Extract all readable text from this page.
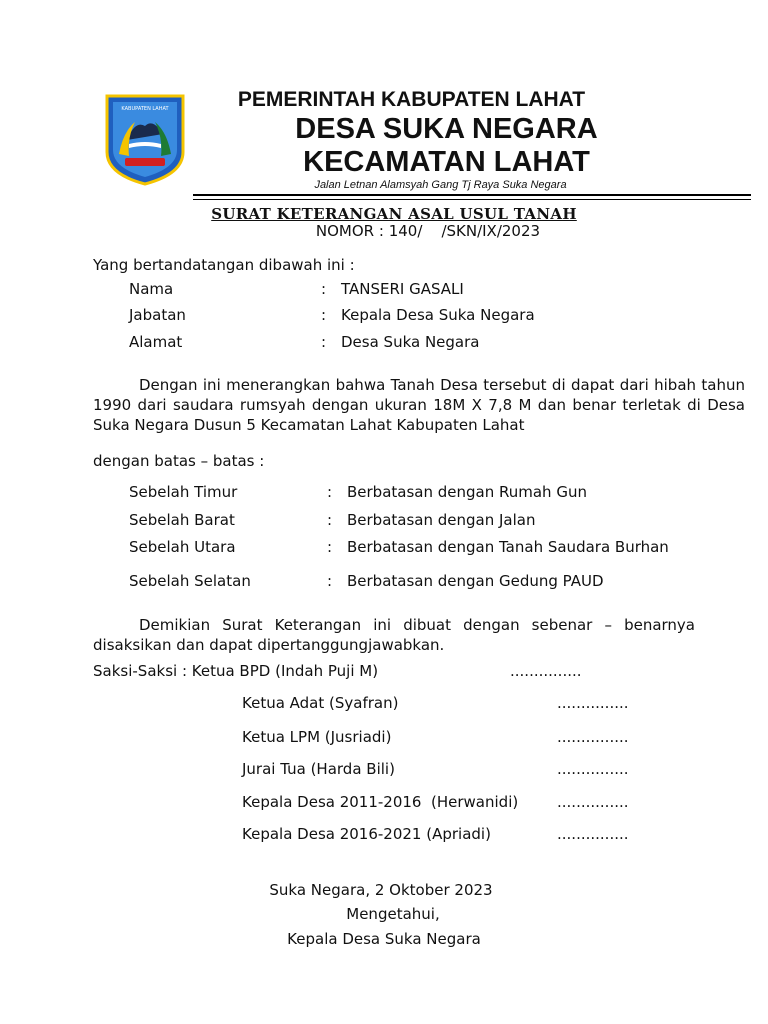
KABUPATEN LAHAT	PEMERINTAH KABUPATEN LAHAT
DESA SUKA NEGARA
KECAMATAN LAHAT
Jalan Letnan Alamsyah Gang Tj Raya Suka Negara
SURAT KETERANGAN ASAL USUL TANAH
NOMOR : 140/    /SKN/IX/2023
Yang bertandatangan dibawah ini :
Nama	: TANSERI GASALI
Jabatan	: Kepala Desa Suka Negara
Alamat	: Desa Suka Negara
Dengan ini menerangkan bahwa Tanah Desa tersebut di dapat dari hibah tahun 1990 dari saudara rumsyah dengan ukuran 18M X 7,8 M dan benar terletak di Desa Suka Negara Dusun 5 Kecamatan Lahat Kabupaten Lahat
dengan batas – batas :
Sebelah Timur	: Berbatasan dengan Rumah Gun
Sebelah Barat	: Berbatasan dengan Jalan
Sebelah Utara	: Berbatasan dengan Tanah Saudara Burhan
Sebelah Selatan	: Berbatasan dengan Gedung PAUD
Demikian Surat Keterangan ini dibuat dengan sebenar – benarnya disaksikan dan dapat dipertanggungjawabkan.
Saksi-Saksi : Ketua BPD (Indah Puji M)	...............
Ketua Adat (Syafran)	...............
Ketua LPM (Jusriadi)	...............
Jurai Tua (Harda Bili)	...............
Kepala Desa 2011-2016  (Herwanidi)	...............
Kepala Desa 2016-2021 (Apriadi)	...............
Suka Negara, 2 Oktober 2023
Mengetahui,
Kepala Desa Suka Negara
